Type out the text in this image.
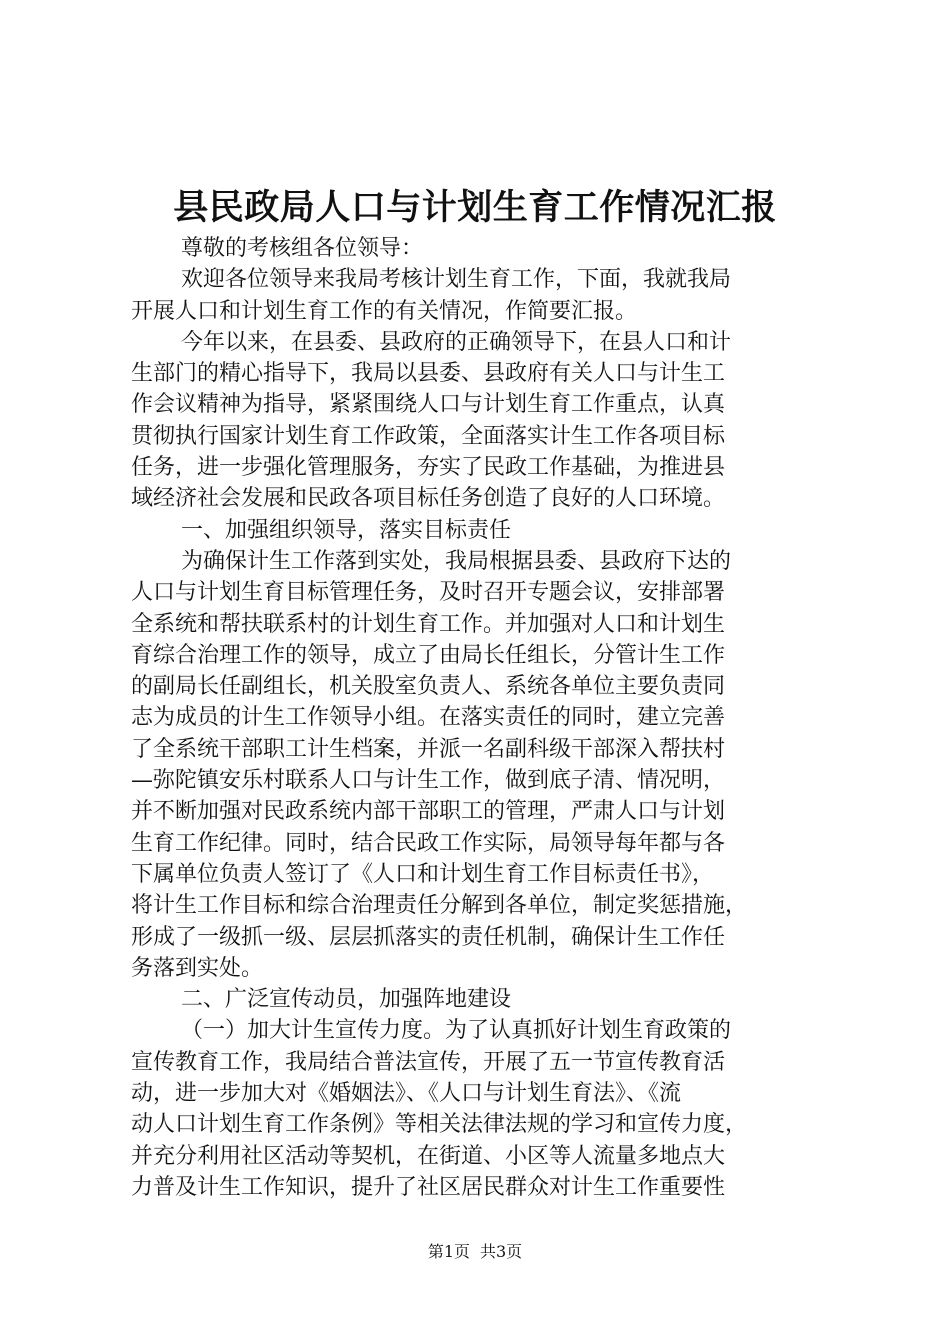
县民政局人口与计划生育工作情况汇报
尊敬的考核组各位领导：
欢迎各位领导来我局考核计划生育工作，下面，我就我局
开展人口和计划生育工作的有关情况，作简要汇报。
今年以来，在县委、县政府的正确领导下，在县人口和计
生部门的精心指导下，我局以县委、县政府有关人口与计生工
作会议精神为指导，紧紧围绕人口与计划生育工作重点，认真
贯彻执行国家计划生育工作政策，全面落实计生工作各项目标
任务，进一步强化管理服务，夯实了民政工作基础，为推进县
域经济社会发展和民政各项目标任务创造了良好的人口环境。
一、加强组织领导，落实目标责任
为确保计生工作落到实处，我局根据县委、县政府下达的
人口与计划生育目标管理任务，及时召开专题会议，安排部署
全系统和帮扶联系村的计划生育工作。并加强对人口和计划生
育综合治理工作的领导，成立了由局长任组长，分管计生工作
的副局长任副组长，机关股室负责人、系统各单位主要负责同
志为成员的计生工作领导小组。在落实责任的同时，建立完善
了全系统干部职工计生档案，并派一名副科级干部深入帮扶村
—弥陀镇安乐村联系人口与计生工作，做到底子清、情况明，
并不断加强对民政系统内部干部职工的管理，严肃人口与计划
生育工作纪律。同时，结合民政工作实际，局领导每年都与各
下属单位负责人签订了《人口和计划生育工作目标责任书》，
将计生工作目标和综合治理责任分解到各单位，制定奖惩措施，
形成了一级抓一级、层层抓落实的责任机制，确保计生工作任
务落到实处。
二、广泛宣传动员，加强阵地建设
（一）加大计生宣传力度。为了认真抓好计划生育政策的
宣传教育工作，我局结合普法宣传，开展了五一节宣传教育活
动，进一步加大对《婚姻法》、《人口与计划生育法》、《流
动人口计划生育工作条例》等相关法律法规的学习和宣传力度，
并充分利用社区活动等契机，在街道、小区等人流量多地点大
力普及计生工作知识，提升了社区居民群众对计生工作重要性
第1页 共3页
